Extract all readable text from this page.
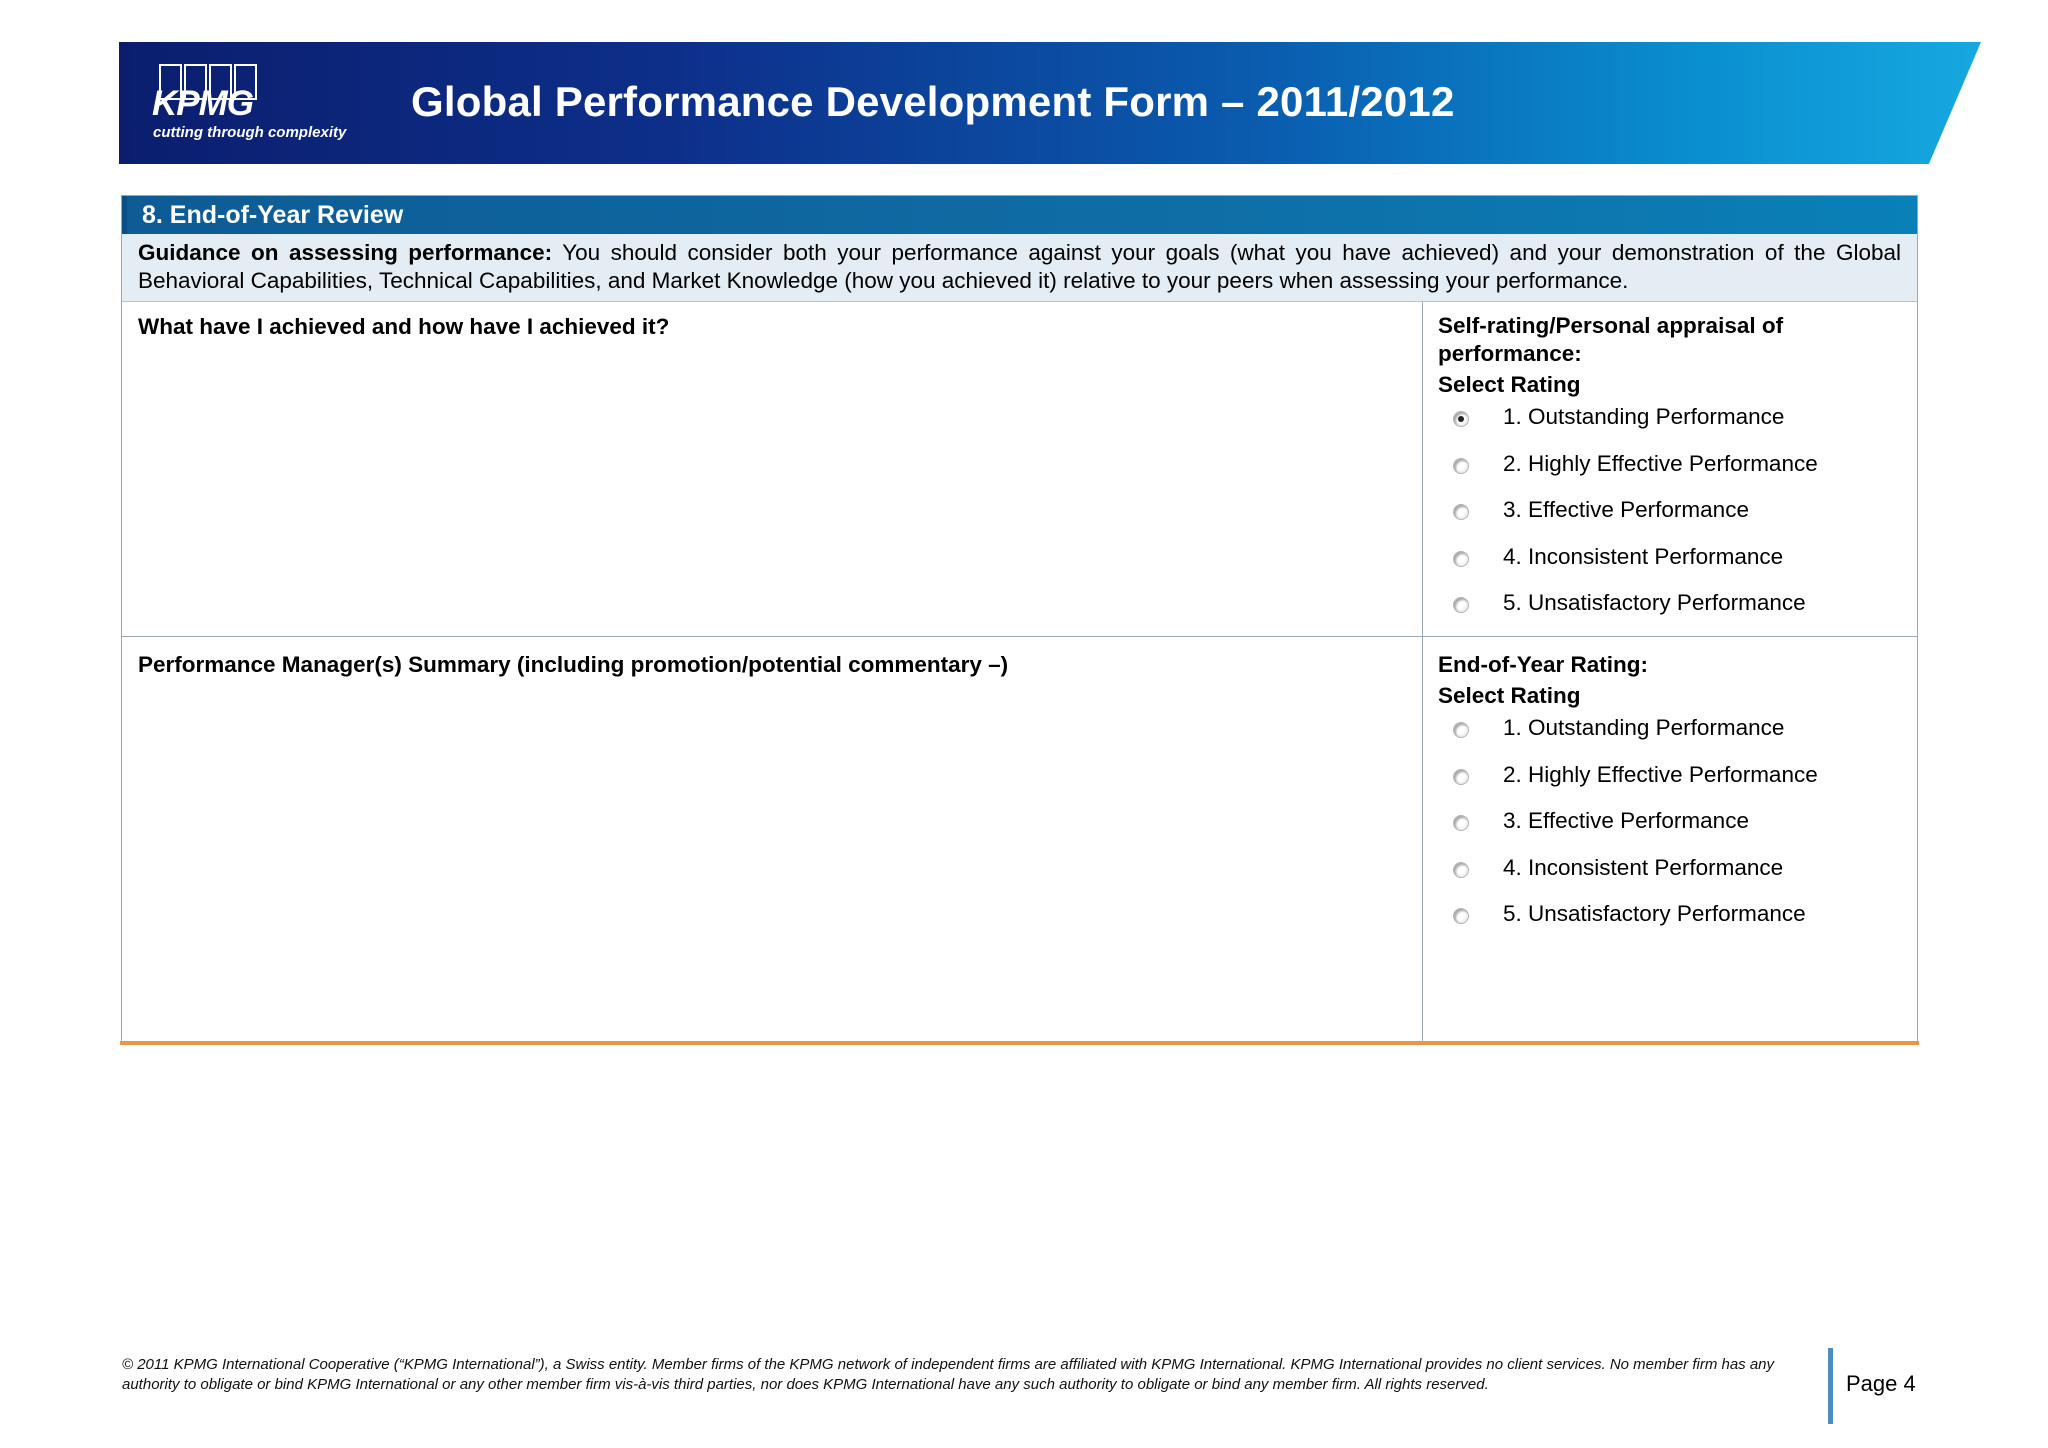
KPMG
cutting through complexity
Global Performance Development Form – 2011/2012
8. End-of-Year Review
Guidance on assessing performance: You should consider both your performance against your goals (what you have achieved) and your demonstration of the Global Behavioral Capabilities, Technical Capabilities, and Market Knowledge (how you achieved it) relative to your peers when assessing your performance.
What have I achieved and how have I achieved it?	Self-rating/Personal appraisal of performance:
Select Rating
1. Outstanding Performance
2. Highly Effective Performance
3. Effective Performance
4. Inconsistent Performance
5. Unsatisfactory Performance
Performance Manager(s) Summary (including promotion/potential commentary –)	End-of-Year Rating:
Select Rating
1. Outstanding Performance
2. Highly Effective Performance
3. Effective Performance
4. Inconsistent Performance
5. Unsatisfactory Performance
© 2011 KPMG International Cooperative (“KPMG International”), a Swiss entity. Member firms of the KPMG network of independent firms are affiliated with KPMG International. KPMG International provides no client services. No member firm has any authority to obligate or bind KPMG International or any other member firm vis-à-vis third parties, nor does KPMG International have any such authority to obligate or bind any member firm. All rights reserved.	Page 4
